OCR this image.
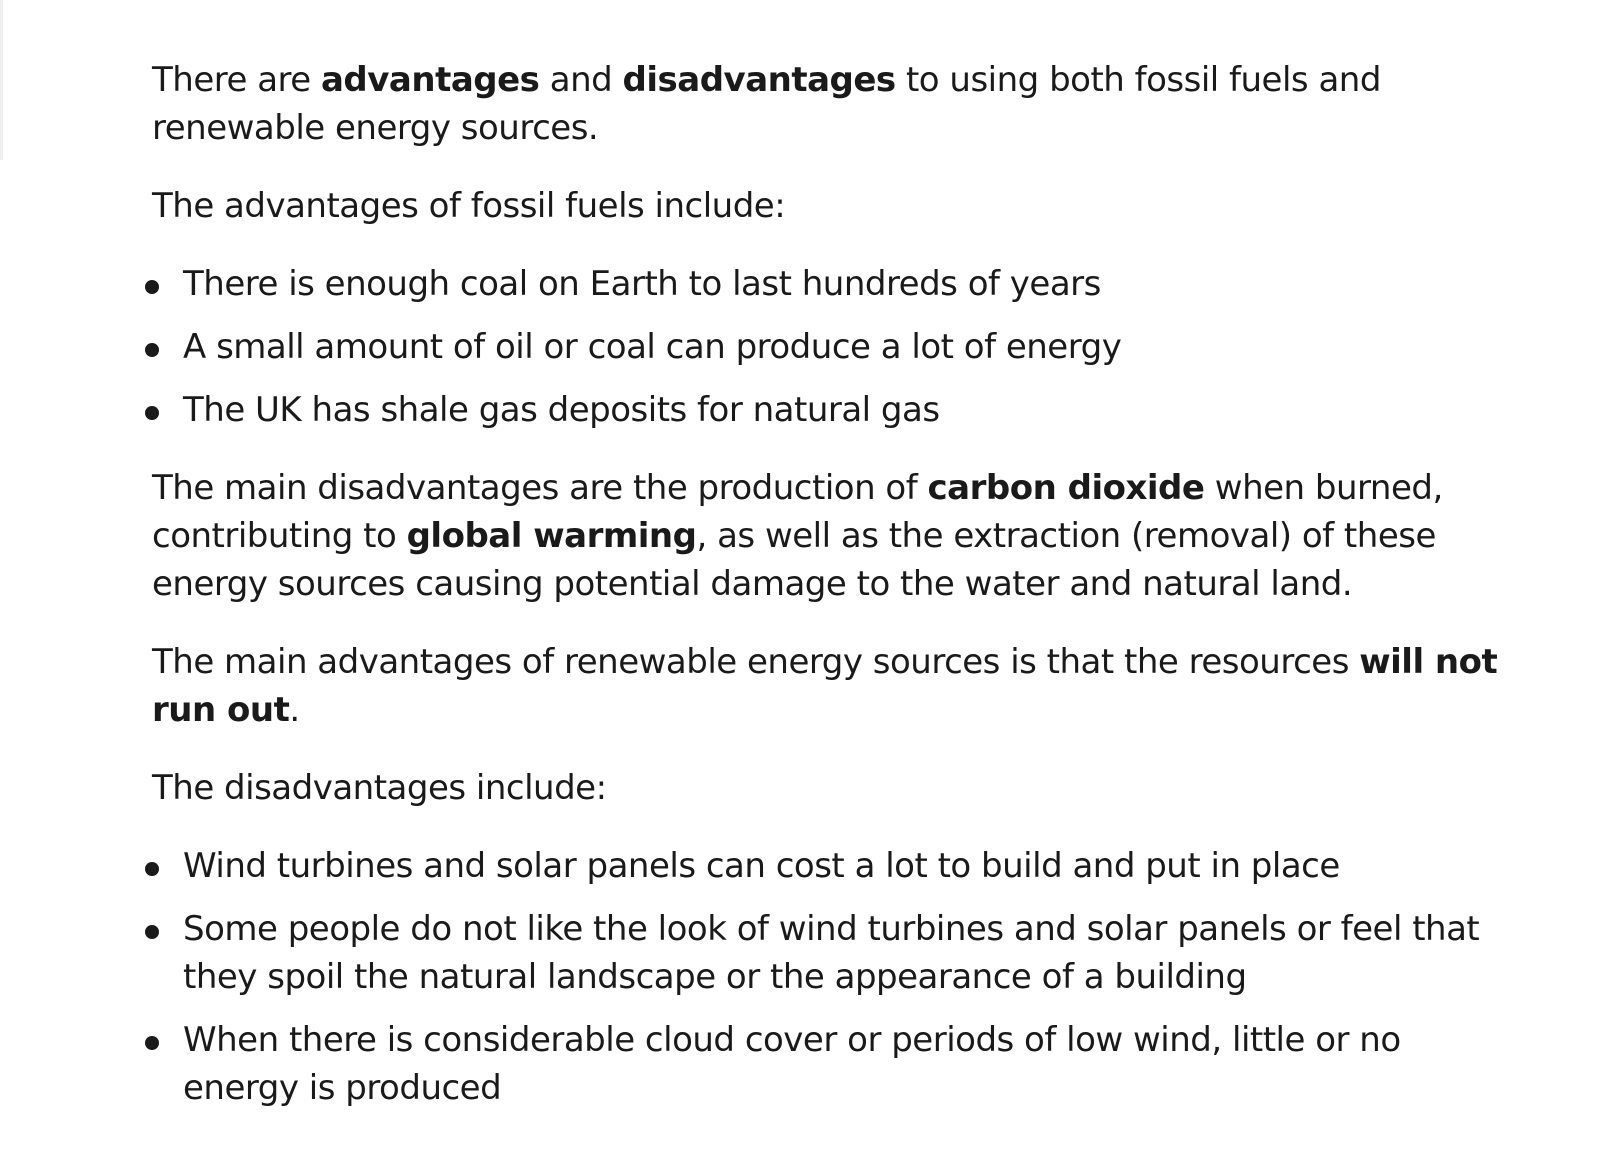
There are advantages and disadvantages to using both fossil fuels and renewable energy sources.

The advantages of fossil fuels include:

There is enough coal on Earth to last hundreds of years
A small amount of oil or coal can produce a lot of energy
The UK has shale gas deposits for natural gas

The main disadvantages are the production of carbon dioxide when burned, contributing to global warming, as well as the extraction (removal) of these energy sources causing potential damage to the water and natural land.

The main advantages of renewable energy sources is that the resources will not run out.

The disadvantages include:

Wind turbines and solar panels can cost a lot to build and put in place
Some people do not like the look of wind turbines and solar panels or feel that they spoil the natural landscape or the appearance of a building
When there is considerable cloud cover or periods of low wind, little or no energy is produced
